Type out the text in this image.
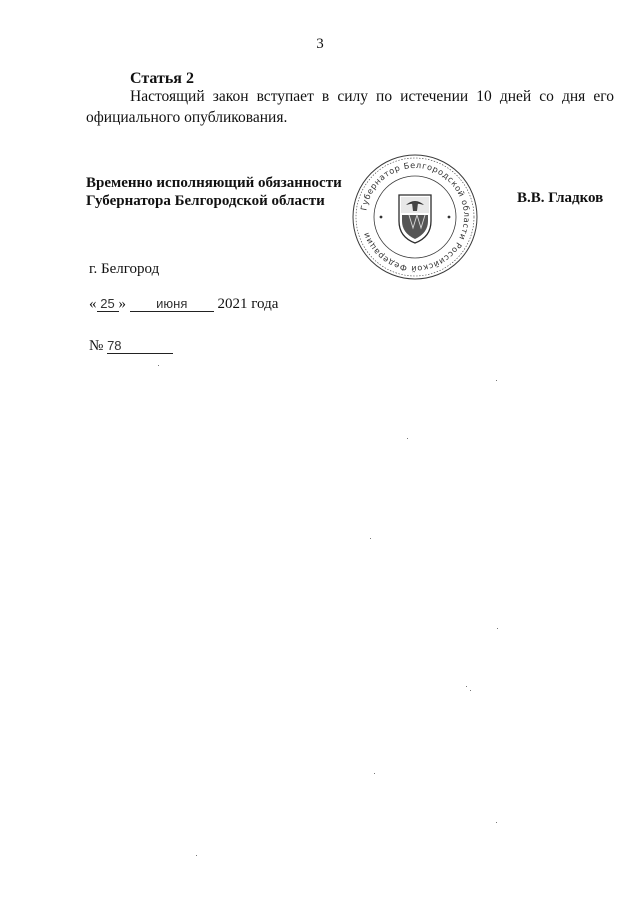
3
Статья 2
Настоящий закон вступает в силу по истечении 10 дней со дня его официального опубликования.
Временно исполняющий обязанности
Губернатора Белгородской области	В.В. Гладков
Губернатор Белгородской области Российской Федерации
г. Белгород
« 25 » июня 2021 года
№ 78
